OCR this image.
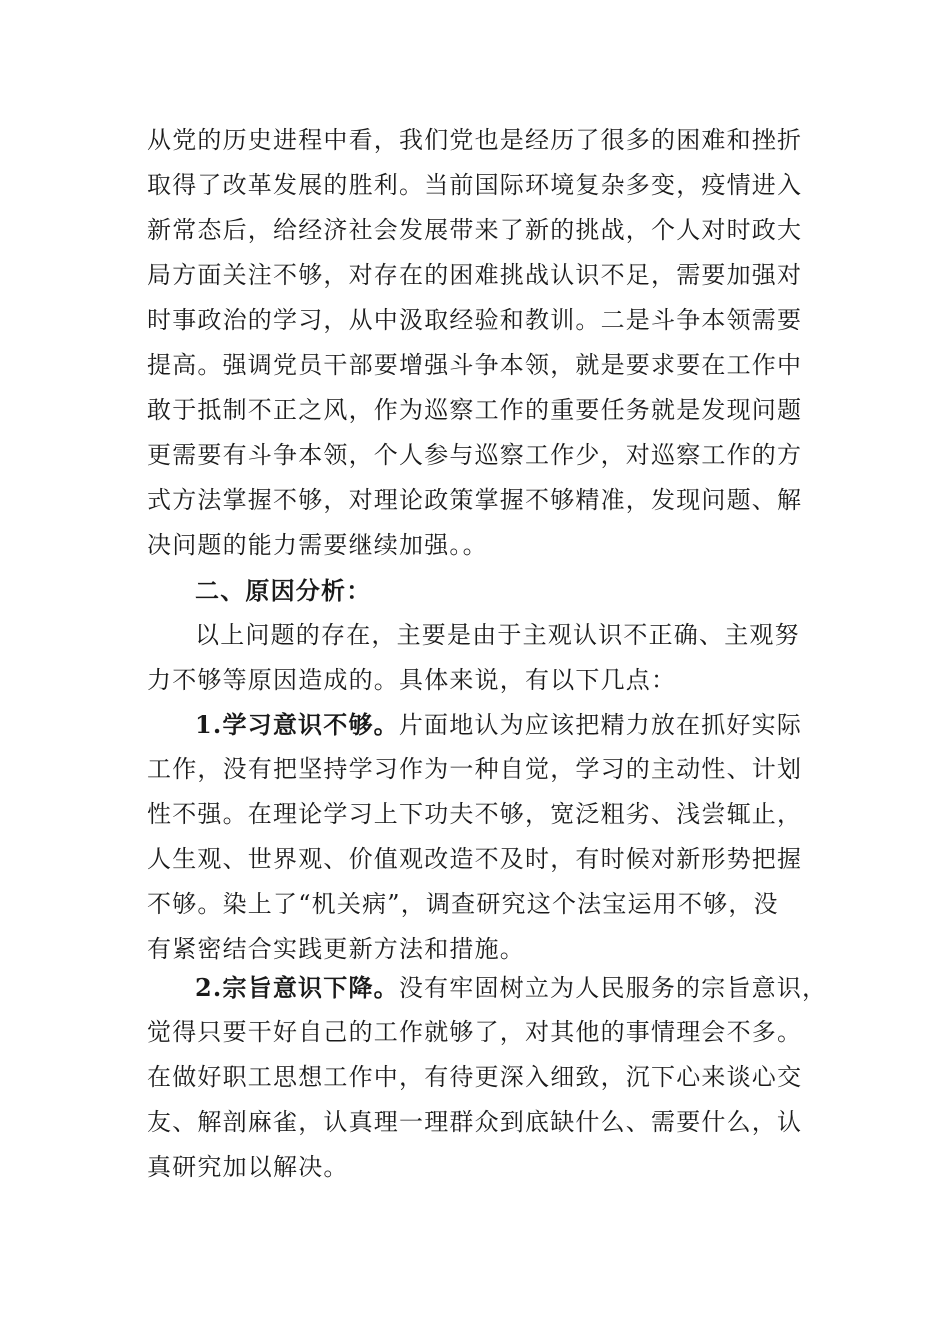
从党的历史进程中看，我们党也是经历了很多的困难和挫折
取得了改革发展的胜利。当前国际环境复杂多变，疫情进入
新常态后，给经济社会发展带来了新的挑战，个人对时政大
局方面关注不够，对存在的困难挑战认识不足，需要加强对
时事政治的学习，从中汲取经验和教训。二是斗争本领需要
提高。强调党员干部要增强斗争本领，就是要求要在工作中
敢于抵制不正之风，作为巡察工作的重要任务就是发现问题
更需要有斗争本领，个人参与巡察工作少，对巡察工作的方
式方法掌握不够，对理论政策掌握不够精准，发现问题、解
决问题的能力需要继续加强。。
二、原因分析：
以上问题的存在，主要是由于主观认识不正确、主观努
力不够等原因造成的。具体来说，有以下几点：
1.学习意识不够。片面地认为应该把精力放在抓好实际
工作，没有把坚持学习作为一种自觉，学习的主动性、计划
性不强。在理论学习上下功夫不够，宽泛粗劣、浅尝辄止，
人生观、世界观、价值观改造不及时，有时候对新形势把握
不够。染上了“机关病”，调查研究这个法宝运用不够，没
有紧密结合实践更新方法和措施。
2.宗旨意识下降。没有牢固树立为人民服务的宗旨意识，
觉得只要干好自己的工作就够了，对其他的事情理会不多。
在做好职工思想工作中，有待更深入细致，沉下心来谈心交
友、解剖麻雀，认真理一理群众到底缺什么、需要什么，认
真研究加以解决。
